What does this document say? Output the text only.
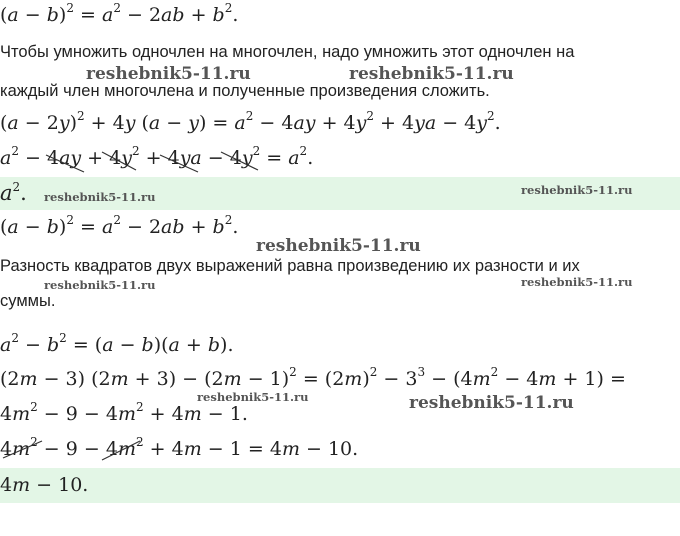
$(a - b)^2 = a^2 - 2ab + b^2$.
Чтобы умножить одночлен на многочлен, надо умножить этот одночлен на
каждый член многочлена и полученные произведения сложить.
$(a - 2y)^2 + 4y$ $(a - y) = a^2 - 4ay + 4y^2 + 4ya - 4y^2$.
$a^2 - 4ay + 4y^2 + 4ya - 4y^2 = a^2$.
$a^2$.
$(a - b)^2 = a^2 - 2ab + b^2$.
Разность квадратов двух выражений равна произведению их разности и их
суммы.
$a^2 - b^2 = (a - b)(a + b)$.
(2m − 3) $(2m + 3) - (2m - 1)^2 = (2m)^2 - 3^3 - (4m^2 - 4m + 1)$ =
$4m^2 - 9 - 4m^2 + 4m - 1$.
$4m^2 - 9 - 4m^2 + 4m - 1 = 4m - 10$.
4m − 10.
reshebnik5-11.ru	reshebnik5-11.ru
reshebnik5-11.ru	reshebnik5-11.ru
reshebnik5-11.ru
reshebnik5-11.ru	reshebnik5-11.ru
reshebnik5-11.ru	reshebnik5-11.ru
